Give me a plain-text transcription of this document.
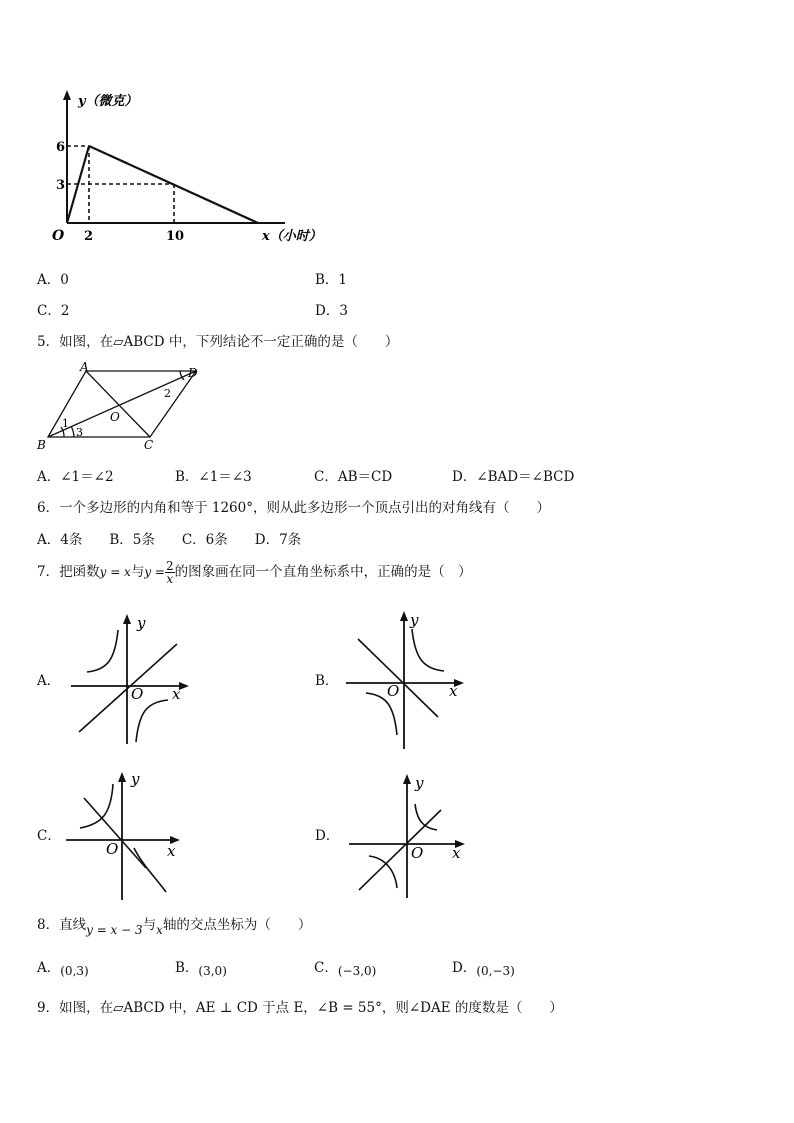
y（微克）
x（小时）
O
6
3
2	10
A．0	B．1
C．2	D．3
5．如图，在▱ABCD 中，下列结论不一定正确的是（　　）
A	D
B	C
O
1
3
2
A．∠1＝∠2	B．∠1＝∠3	C．AB＝CD	D．∠BAD＝∠BCD
6．一个多边形的内角和等于 1260°，则从此多边形一个顶点引出的对角线有（　　）
A．4条　　B．5条　　C．6条　　D．7条
7．把函数y = x与$y = \frac{2}{x}$ 的图象画在同一个直角坐标系中，正确的是（　）
A．
y
x
O
B．
y
x
O
C．
y
x
O
D．
y
x
O
8．直线y = x − 3与x轴的交点坐标为（　　）
A．(0,3)	B．(3,0)	C．(−3,0)	D．(0,−3)
9．如图，在▱ABCD 中，AE ⊥ CD 于点 E，∠B = 55°，则∠DAE 的度数是（　　）
